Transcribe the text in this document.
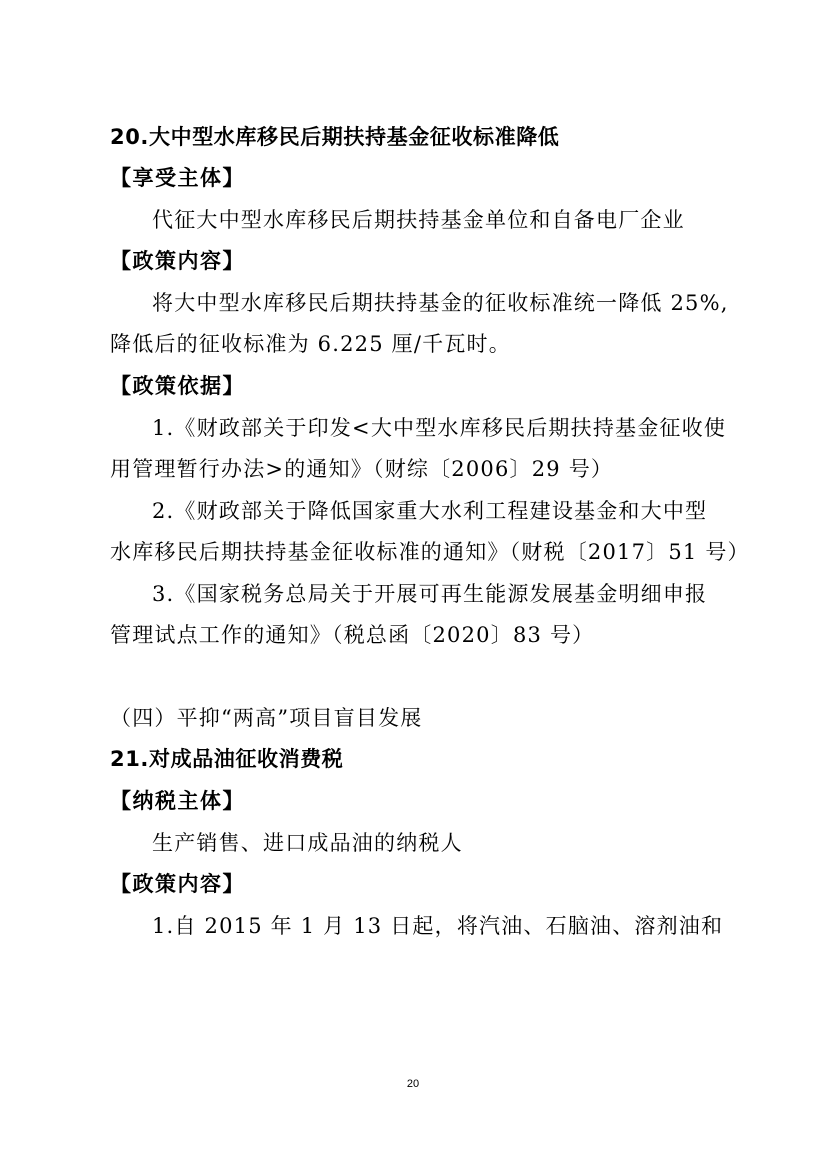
20.大中型水库移民后期扶持基金征收标准降低
【享受主体】
代征大中型水库移民后期扶持基金单位和自备电厂企业
【政策内容】
将大中型水库移民后期扶持基金的征收标准统一降低 25%,
降低后的征收标准为 6.225 厘/千瓦时。
【政策依据】
1.《财政部关于印发<大中型水库移民后期扶持基金征收使
用管理暂行办法>的通知》（财综〔2006〕29 号）
2.《财政部关于降低国家重大水利工程建设基金和大中型
水库移民后期扶持基金征收标准的通知》（财税〔2017〕51 号）
3.《国家税务总局关于开展可再生能源发展基金明细申报
管理试点工作的通知》（税总函〔2020〕83 号）
（四）平抑“两高”项目盲目发展
21.对成品油征收消费税
【纳税主体】
生产销售、进口成品油的纳税人
【政策内容】
1.自 2015 年 1 月 13 日起，将汽油、石脑油、溶剂油和
20
